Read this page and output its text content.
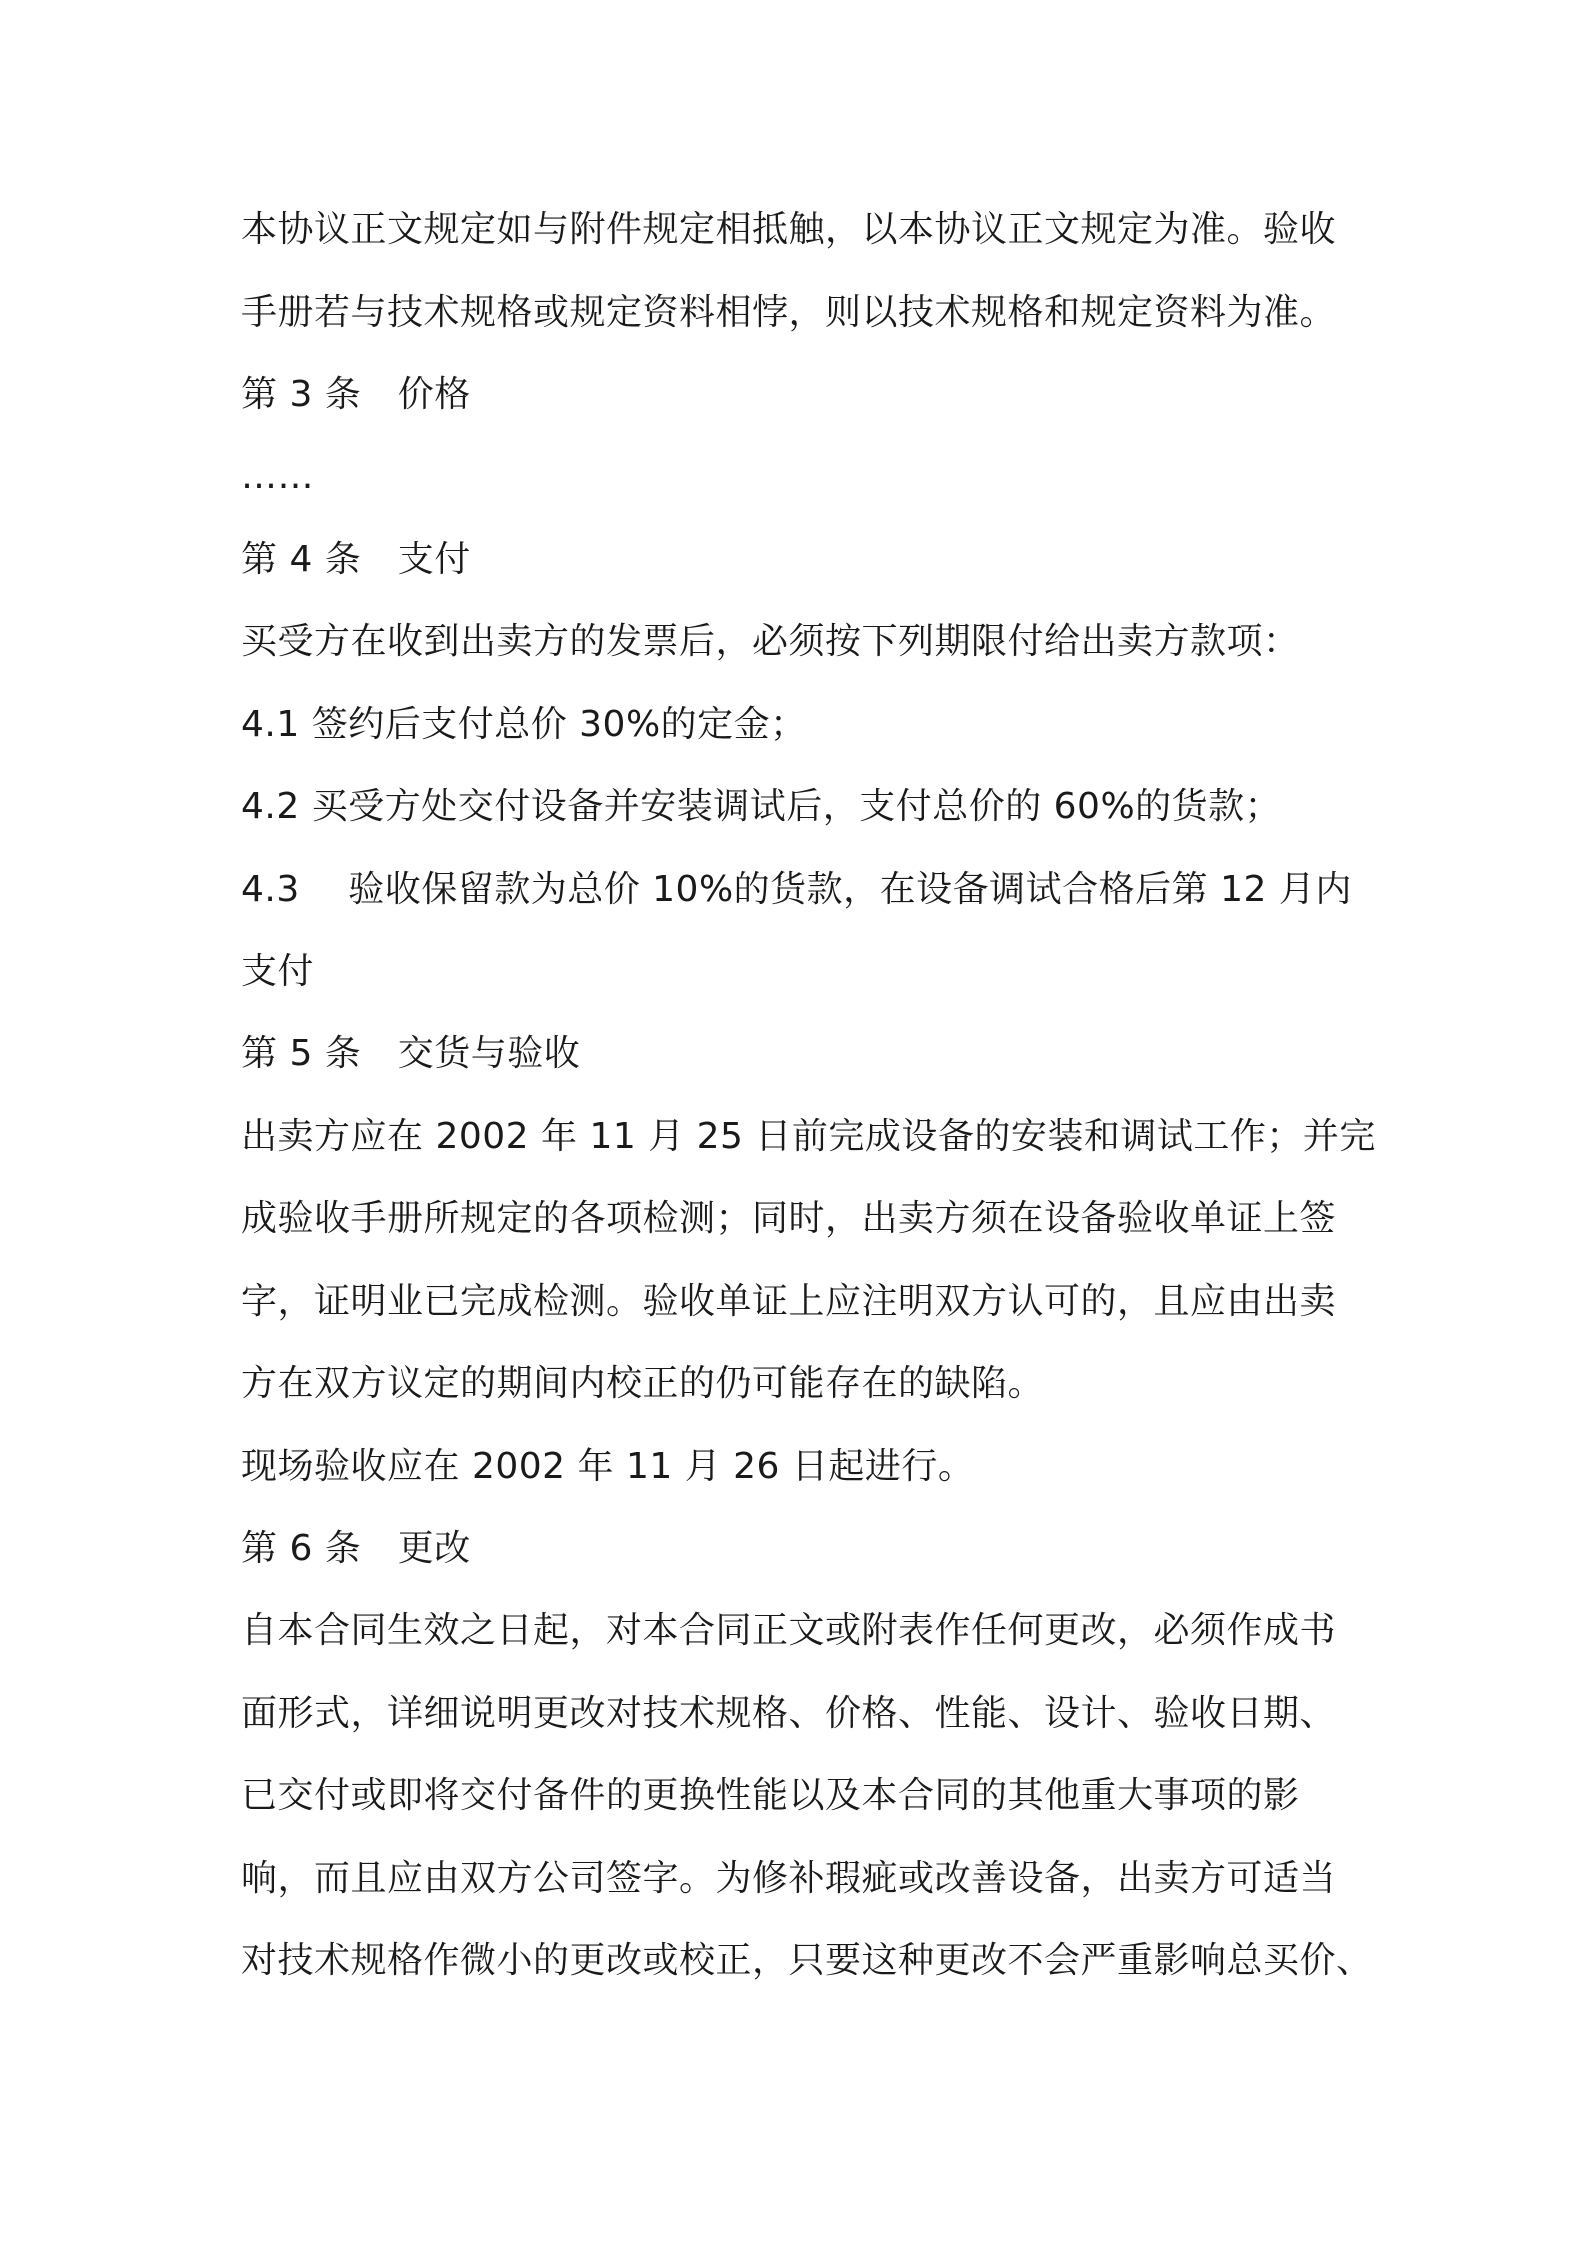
本协议正文规定如与附件规定相抵触，以本协议正文规定为准。验收
手册若与技术规格或规定资料相悖，则以技术规格和规定资料为准。
第 3 条　价格
……
第 4 条　支付
买受方在收到出卖方的发票后，必须按下列期限付给出卖方款项：
4.1 签约后支付总价 30%的定金；
4.2 买受方处交付设备并安装调试后，支付总价的 60%的货款；
4.3　 验收保留款为总价 10%的货款，在设备调试合格后第 12 月内
支付
第 5 条　交货与验收
出卖方应在 2002 年 11 月 25 日前完成设备的安装和调试工作；并完
成验收手册所规定的各项检测；同时，出卖方须在设备验收单证上签
字，证明业已完成检测。验收单证上应注明双方认可的，且应由出卖
方在双方议定的期间内校正的仍可能存在的缺陷。
现场验收应在 2002 年 11 月 26 日起进行。
第 6 条　更改
自本合同生效之日起，对本合同正文或附表作任何更改，必须作成书
面形式，详细说明更改对技术规格、价格、性能、设计、验收日期、
已交付或即将交付备件的更换性能以及本合同的其他重大事项的影
响，而且应由双方公司签字。为修补瑕疵或改善设备，出卖方可适当
对技术规格作微小的更改或校正，只要这种更改不会严重影响总买价、
